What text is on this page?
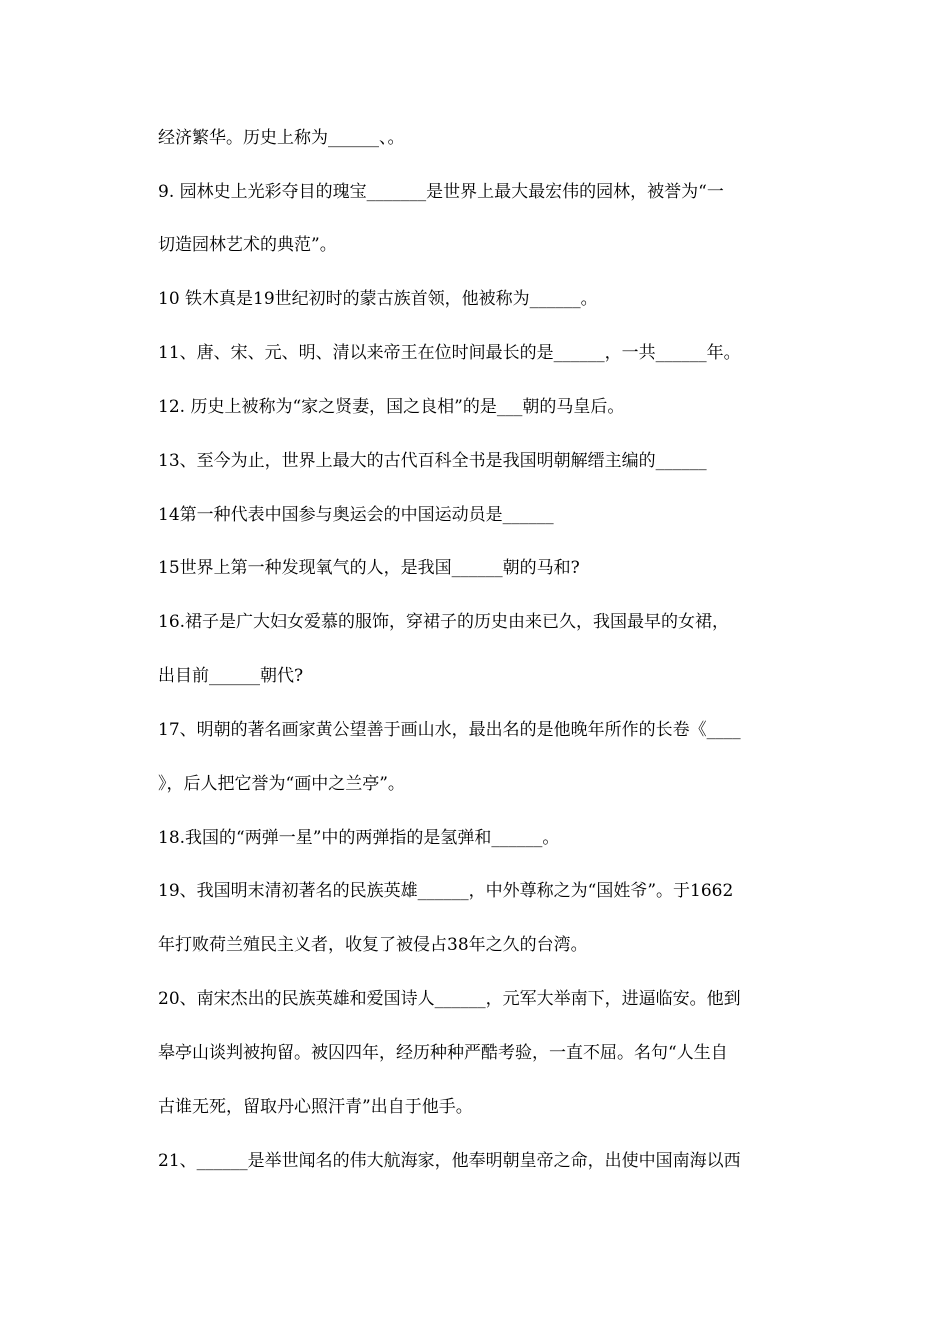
经济繁华。历史上称为______、。
9. 园林史上光彩夺目的瑰宝_______是世界上最大最宏伟的园林，被誉为“一
切造园林艺术的典范”。
10 铁木真是19世纪初时的蒙古族首领，他被称为______。
11、唐、宋、元、明、清以来帝王在位时间最长的是______，一共______年。
12. 历史上被称为“家之贤妻，国之良相”的是___朝的马皇后。
13、至今为止，世界上最大的古代百科全书是我国明朝解缙主编的______
14第一种代表中国参与奥运会的中国运动员是______
15世界上第一种发现氧气的人，是我国______朝的马和?
16.裙子是广大妇女爱慕的服饰，穿裙子的历史由来已久，我国最早的女裙，
出目前______朝代?
17、明朝的著名画家黄公望善于画山水，最出名的是他晚年所作的长卷《____
》，后人把它誉为“画中之兰亭”。
18.我国的“两弹一星”中的两弹指的是氢弹和______。
19、我国明末清初著名的民族英雄______，中外尊称之为“国姓爷”。于1662
年打败荷兰殖民主义者，收复了被侵占38年之久的台湾。
20、南宋杰出的民族英雄和爱国诗人______，元军大举南下，进逼临安。他到
皋亭山谈判被拘留。被囚四年，经历种种严酷考验，一直不屈。名句“人生自
古谁无死，留取丹心照汗青”出自于他手。
21、______是举世闻名的伟大航海家，他奉明朝皇帝之命，出使中国南海以西
